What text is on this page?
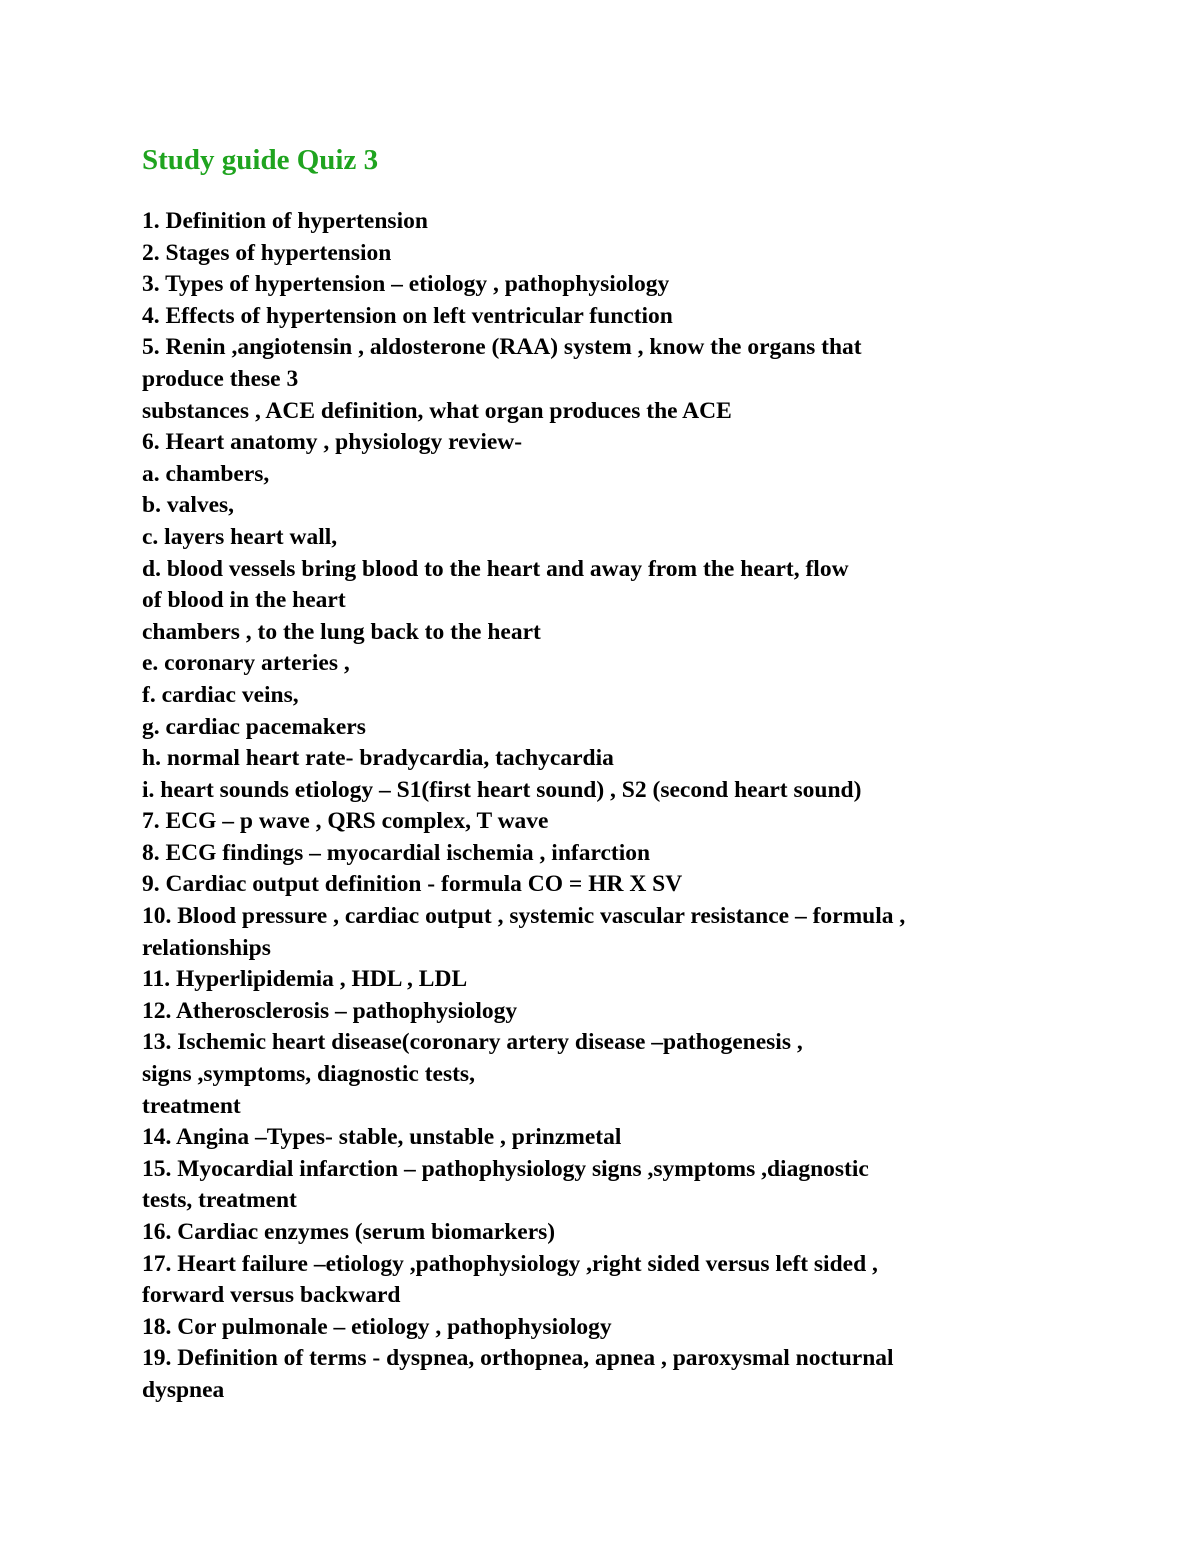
Study guide Quiz 3
1. Definition of hypertension
2. Stages of hypertension
3. Types of hypertension – etiology , pathophysiology
4. Effects of hypertension on left ventricular function
5. Renin ,angiotensin , aldosterone (RAA) system , know the organs that
produce these 3
substances , ACE definition, what organ produces the ACE
6. Heart anatomy , physiology review-
a. chambers,
b. valves,
c. layers heart wall,
d. blood vessels bring blood to the heart and away from the heart, flow
of blood in the heart
chambers , to the lung back to the heart
e. coronary arteries ,
f. cardiac veins,
g. cardiac pacemakers
h. normal heart rate- bradycardia, tachycardia
i. heart sounds etiology – S1(first heart sound) , S2 (second heart sound)
7. ECG – p wave , QRS complex, T wave
8. ECG findings – myocardial ischemia , infarction
9. Cardiac output definition - formula CO = HR X SV
10. Blood pressure , cardiac output , systemic vascular resistance – formula ,
relationships
11. Hyperlipidemia , HDL , LDL
12. Atherosclerosis – pathophysiology
13. Ischemic heart disease(coronary artery disease –pathogenesis ,
signs ,symptoms, diagnostic tests,
treatment
14. Angina –Types- stable, unstable , prinzmetal
15. Myocardial infarction – pathophysiology signs ,symptoms ,diagnostic
tests, treatment
16. Cardiac enzymes (serum biomarkers)
17. Heart failure –etiology ,pathophysiology ,right sided versus left sided ,
forward versus backward
18. Cor pulmonale – etiology , pathophysiology
19. Definition of terms - dyspnea, orthopnea, apnea , paroxysmal nocturnal
dyspnea
